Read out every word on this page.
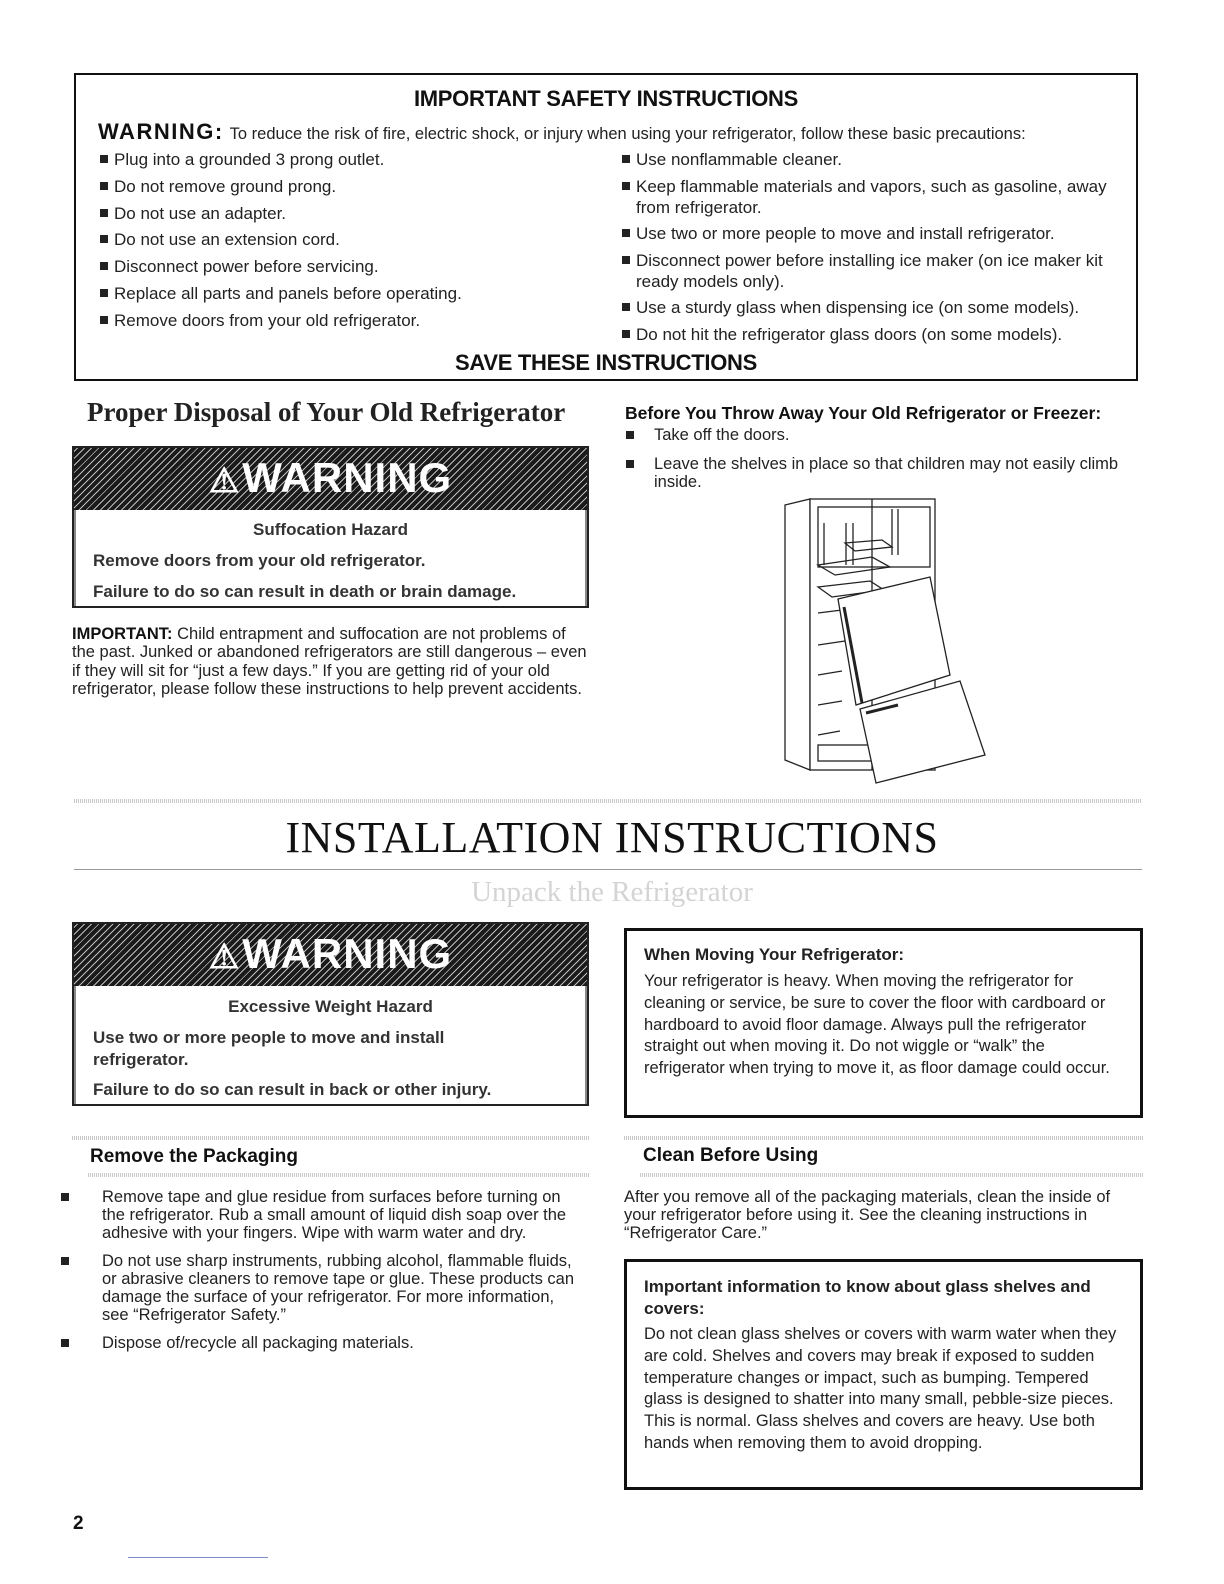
IMPORTANT SAFETY INSTRUCTIONS
WARNING: To reduce the risk of fire, electric shock, or injury when using your refrigerator, follow these basic precautions:
Plug into a grounded 3 prong outlet.
Do not remove ground prong.
Do not use an adapter.
Do not use an extension cord.
Disconnect power before servicing.
Replace all parts and panels before operating.
Remove doors from your old refrigerator.
Use nonflammable cleaner.
Keep flammable materials and vapors, such as gasoline, away from refrigerator.
Use two or more people to move and install refrigerator.
Disconnect power before installing ice maker (on ice maker kit ready models only).
Use a sturdy glass when dispensing ice (on some models).
Do not hit the refrigerator glass doors (on some models).
SAVE THESE INSTRUCTIONS
Proper Disposal of Your Old Refrigerator
⚠WARNING
Suffocation Hazard
Remove doors from your old refrigerator.
Failure to do so can result in death or brain damage.
IMPORTANT: Child entrapment and suffocation are not problems of the past. Junked or abandoned refrigerators are still dangerous – even if they will sit for “just a few days.” If you are getting rid of your old refrigerator, please follow these instructions to help prevent accidents.
Before You Throw Away Your Old Refrigerator or Freezer:
Take off the doors.
Leave the shelves in place so that children may not easily climb inside.
INSTALLATION INSTRUCTIONS
Unpack the Refrigerator
⚠WARNING
Excessive Weight Hazard
Use two or more people to move and install refrigerator.
Failure to do so can result in back or other injury.
When Moving Your Refrigerator:
Your refrigerator is heavy. When moving the refrigerator for cleaning or service, be sure to cover the floor with cardboard or hardboard to avoid floor damage. Always pull the refrigerator straight out when moving it. Do not wiggle or “walk” the refrigerator when trying to move it, as floor damage could occur.
Remove the Packaging
Remove tape and glue residue from surfaces before turning on the refrigerator. Rub a small amount of liquid dish soap over the adhesive with your fingers. Wipe with warm water and dry.
Do not use sharp instruments, rubbing alcohol, flammable fluids, or abrasive cleaners to remove tape or glue. These products can damage the surface of your refrigerator. For more information, see “Refrigerator Safety.”
Dispose of/recycle all packaging materials.
Clean Before Using
After you remove all of the packaging materials, clean the inside of your refrigerator before using it. See the cleaning instructions in “Refrigerator Care.”
Important information to know about glass shelves and covers:
Do not clean glass shelves or covers with warm water when they are cold. Shelves and covers may break if exposed to sudden temperature changes or impact, such as bumping. Tempered glass is designed to shatter into many small, pebble-size pieces. This is normal. Glass shelves and covers are heavy. Use both hands when removing them to avoid dropping.
2
